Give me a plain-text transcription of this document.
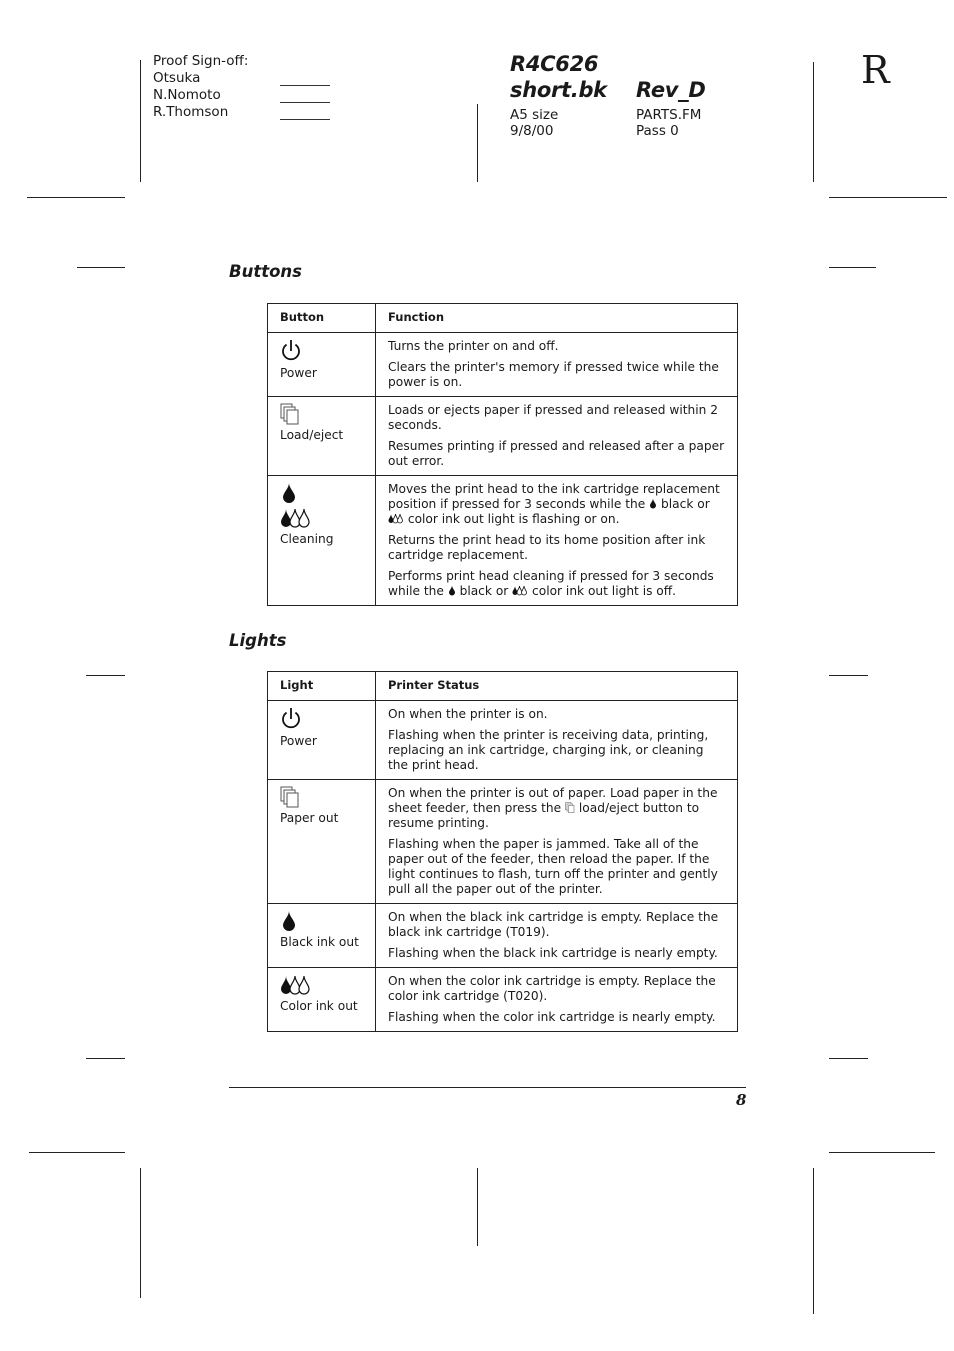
Proof Sign-off:
Otsuka
N.Nomoto
R.Thomson
R4C626
short.bk Rev_D
A5 size
9/8/00
PARTS.FM
Pass 0
R
Buttons
Button	Function

Power	Turns the printer on and off.

Clears the printer's memory if pressed twice while the power is on.

Load/eject	Loads or ejects paper if pressed and released within 2 seconds.

Resumes printing if pressed and released after a paper out error.

Cleaning	Moves the print head to the ink cartridge replacement position if pressed for 3 seconds while the black or  color ink out light is flashing or on.

Returns the print head to its home position after ink cartridge replacement.

Performs print head cleaning if pressed for 3 seconds while the black or color ink out light is off.

Lights
Light	Printer Status

Power	On when the printer is on.

Flashing when the printer is receiving data, printing, replacing an ink cartridge, charging ink, or cleaning the print head.

Paper out	On when the printer is out of paper. Load paper in the sheet feeder, then press the load/eject button to resume printing.

Flashing when the paper is jammed. Take all of the paper out of the feeder, then reload the paper. If the light continues to flash, turn off the printer and gently pull all the paper out of the printer.

Black ink out	On when the black ink cartridge is empty. Replace the black ink cartridge (T019).

Flashing when the black ink cartridge is nearly empty.

Color ink out	On when the color ink cartridge is empty. Replace the color ink cartridge (T020).

Flashing when the color ink cartridge is nearly empty.

8
